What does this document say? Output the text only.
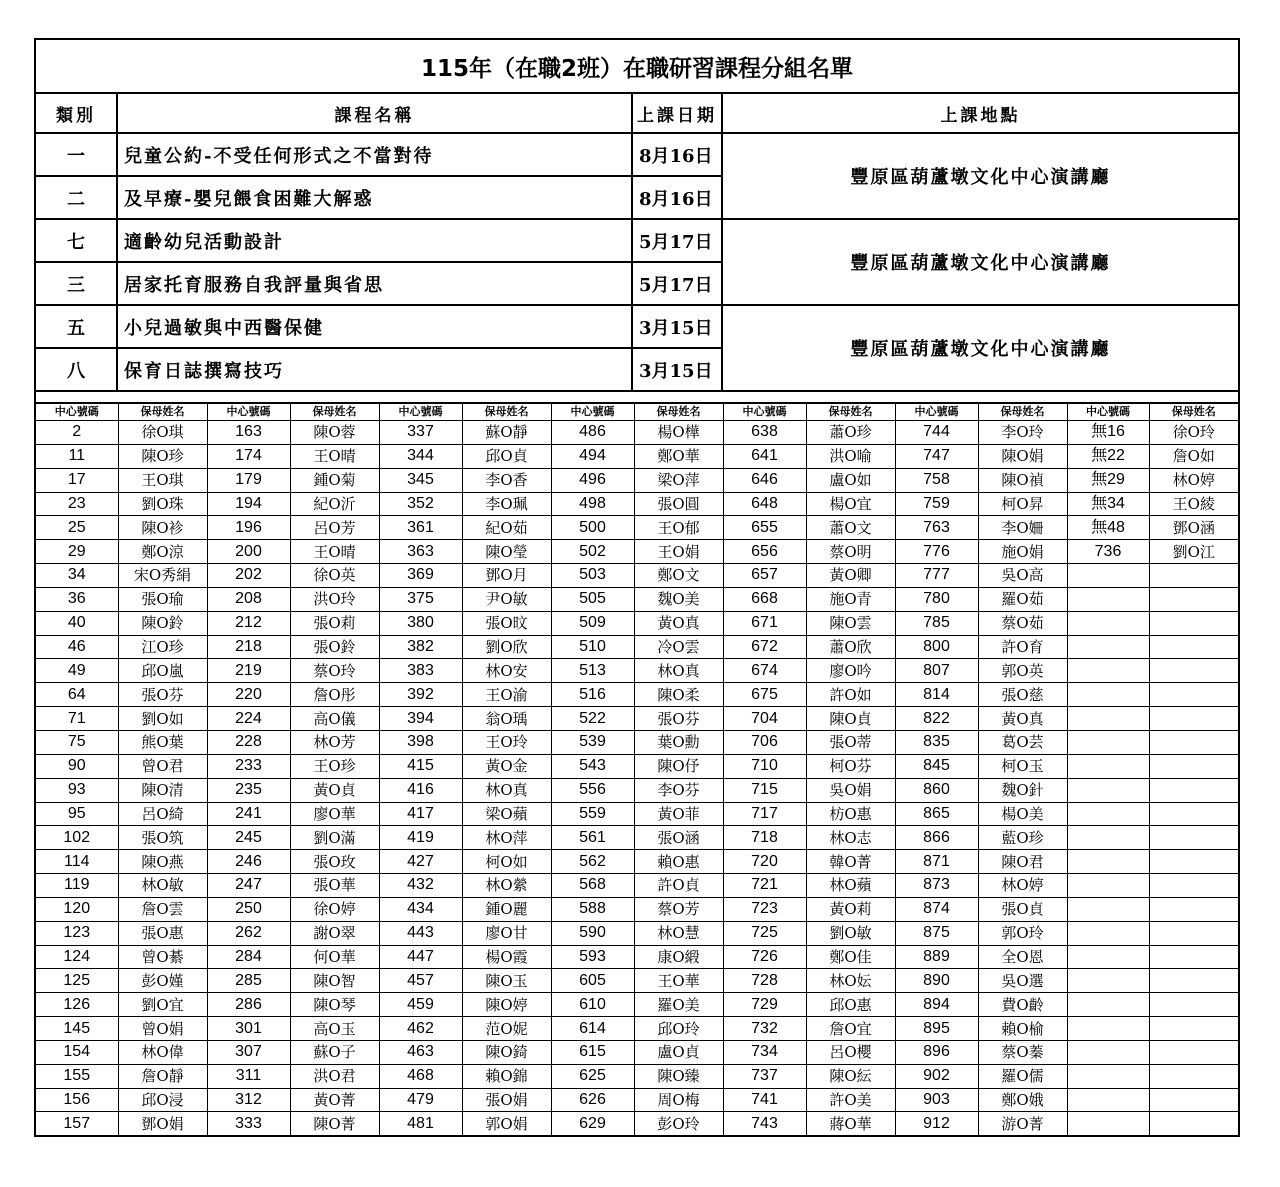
115年（在職2班）在職研習課程分組名單			
類別	課程名稱	上課日期	上課地點
一	兒童公約-不受任何形式之不當對待	8月16日	豐原區葫蘆墩文化中心演講廳
二	及早療-嬰兒餵食困難大解惑	8月16日	
七	適齡幼兒活動設計	5月17日	豐原區葫蘆墩文化中心演講廳
三	居家托育服務自我評量與省思	5月17日	
五	小兒過敏與中西醫保健	3月15日	豐原區葫蘆墩文化中心演講廳
八	保育日誌撰寫技巧	3月15日	

中心號碼	保母姓名	中心號碼	保母姓名	中心號碼	保母姓名	中心號碼	保母姓名	中心號碼	保母姓名	中心號碼	保母姓名	中心號碼	保母姓名
2	徐O琪	163	陳O蓉	337	蘇O靜	486	楊O樺	638	蕭O珍	744	李O玲	無16	徐O玲
11	陳O珍	174	王O晴	344	邱O貞	494	鄭O華	641	洪O喻	747	陳O娟	無22	詹O如
17	王O琪	179	鍾O菊	345	李O香	496	梁O萍	646	盧O如	758	陳O禎	無29	林O婷
23	劉O珠	194	紀O沂	352	李O珮	498	張O圓	648	楊O宜	759	柯O昇	無34	王O綾
25	陳O袗	196	呂O芳	361	紀O茹	500	王O郁	655	蕭O文	763	李O姍	無48	鄧O涵
29	鄭O涼	200	王O晴	363	陳O瑩	502	王O娟	656	蔡O明	776	施O娟	736	劉O江
34	宋O秀絹	202	徐O英	369	鄧O月	503	鄭O文	657	黃O卿	777	吳O高		
36	張O瑜	208	洪O玲	375	尹O敏	505	魏O美	668	施O青	780	羅O茹		
40	陳O鈴	212	張O莉	380	張O旼	509	黃O真	671	陳O雲	785	蔡O茹		
46	江O珍	218	張O鈴	382	劉O欣	510	冷O雲	672	蕭O欣	800	許O育		
49	邱O嵐	219	蔡O玲	383	林O安	513	林O真	674	廖O吟	807	郭O英		
64	張O芬	220	詹O彤	392	王O渝	516	陳O柔	675	許O如	814	張O慈		
71	劉O如	224	高O儀	394	翁O瑀	522	張O芬	704	陳O貞	822	黃O真		
75	熊O葉	228	林O芳	398	王O玲	539	葉O勳	706	張O蒂	835	葛O芸		
90	曾O君	233	王O珍	415	黃O金	543	陳O伃	710	柯O芬	845	柯O玉		
93	陳O清	235	黃O貞	416	林O真	556	李O芬	715	吳O娟	860	魏O針		
95	呂O綺	241	廖O華	417	梁O蘋	559	黃O菲	717	枋O惠	865	楊O美		
102	張O筑	245	劉O滿	419	林O萍	561	張O涵	718	林O志	866	藍O珍		
114	陳O燕	246	張O玫	427	柯O如	562	賴O惠	720	韓O菁	871	陳O君		
119	林O敏	247	張O華	432	林O縈	568	許O貞	721	林O蘋	873	林O婷		
120	詹O雲	250	徐O婷	434	鍾O麗	588	蔡O芳	723	黃O莉	874	張O貞		
123	張O惠	262	謝O翠	443	廖O甘	590	林O慧	725	劉O敏	875	郭O玲		
124	曾O綦	284	何O華	447	楊O霞	593	康O緞	726	鄭O佳	889	全O恩		
125	彭O嫤	285	陳O智	457	陳O玉	605	王O華	728	林O妘	890	吳O選		
126	劉O宜	286	陳O琴	459	陳O婷	610	羅O美	729	邱O惠	894	費O齡		
145	曾O娟	301	高O玉	462	范O妮	614	邱O玲	732	詹O宜	895	賴O榆		
154	林O偉	307	蘇O子	463	陳O錡	615	盧O貞	734	呂O櫻	896	蔡O蓁		
155	詹O靜	311	洪O君	468	賴O錦	625	陳O臻	737	陳O紜	902	羅O儒		
156	邱O浸	312	黃O菁	479	張O娟	626	周O梅	741	許O美	903	鄭O娥		
157	鄧O娟	333	陳O菁	481	郭O娟	629	彭O玲	743	蔣O華	912	游O菁		
